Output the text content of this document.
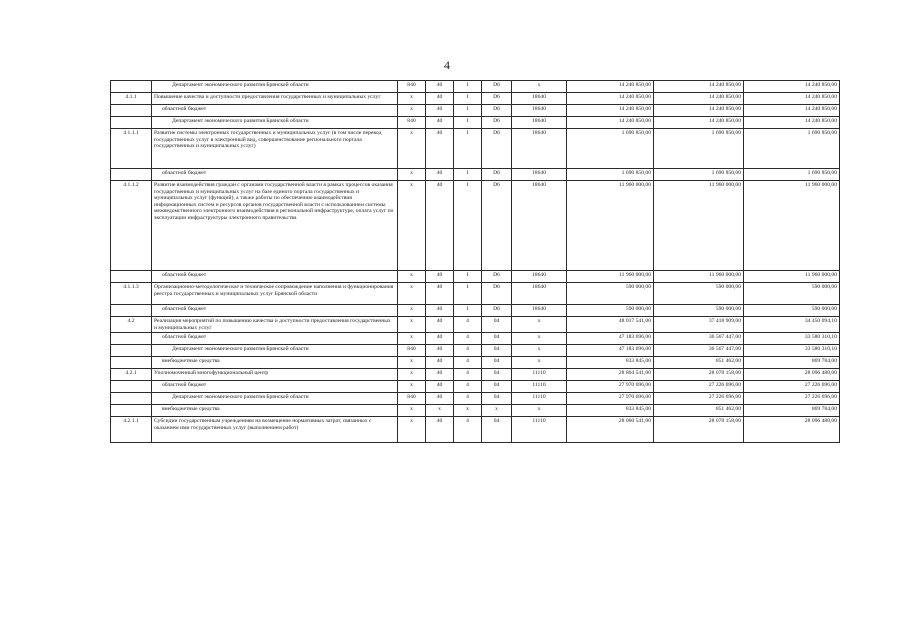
4
	Департамент экономического развития Брянской области	840	40	I	D6	х	14 240 850,00	14 240 850,00	14 240 850,00
4.1.1	Повышение качества и доступности предоставления государственных и муниципальных услуг	х	40	I	D6	18640	14 240 850,00	14 240 850,00	14 240 850,00
	областной бюджет	х	40	I	D6	18640	14 240 850,00	14 240 850,00	14 240 850,00
	Департамент экономического развития Брянской области	840	40	I	D6	18640	14 240 850,00	14 240 850,00	14 240 850,00
4.1.1.1	Развитие системы электронных государственных и муниципальных услуг (в том числе перевод государственных услуг в электронный вид, совершенствование регионального портала государственных и муниципальных услуг)	х	40	I	D6	18640	1 690 850,00	1 690 850,00	1 690 850,00
	областной бюджет	х	40	I	D6	18640	1 690 850,00	1 690 850,00	1 690 850,00
4.1.1.2	Развитие взаимодействия граждан с органами государственной власти в рамках процессов оказания государственных и муниципальных услуг на базе единого портала государственных и муниципальных услуг (функций), а также работы по обеспечению взаимодействия информационных систем и ресурсов органов государственной власти с использованием системы межведомственного электронного взаимодействия в региональной инфраструктуре, оплата услуг по эксплуатации инфраструктуры электронного правительства	х	40	I	D6	18640	11 960 000,00	11 960 000,00	11 960 000,00
	областной бюджет	х	40	I	D6	18640	11 960 000,00	11 960 000,00	11 960 000,00
4.1.1.3	Организационно-методологическое и техническое сопровождение наполнения и функционирования реестра государственных и муниципальных услуг Брянской области	х	40	I	D6	18640	590 000,00	590 000,00	590 000,00
	областной бюджет	х	40	I	D6	18640	590 000,00	590 000,00	590 000,00
4.2	Реализация мероприятий по повышению качества и доступности предоставления государственных и муниципальных услуг	х	40	4	04	х	48 017 541,00	37 418 909,00	34 450 094,10
	областной бюджет	х	40	4	04	х	47 183 696,00	36 567 447,00	33 580 310,10
	Департамент экономического развития Брянской области	840	40	4	04	х	47 183 696,00	36 567 447,00	33 580 310,10
	внебюджетные средства	х	40	4	04	х	833 845,00	851 462,00	869 784,00
4.2.1	Уполномоченный многофункциональный центр	х	40	4	04	11110	28 804 541,00	28 078 158,00	28 096 480,00
	областной бюджет	х	40	4	04	11110	27 970 696,00	27 226 696,00	27 226 696,00
	Департамент экономического развития Брянской области	840	40	4	04	11110	27 970 696,00	27 226 696,00	27 226 696,00
	внебюджетные средства	х	х	х	х	х	833 845,00	851 462,00	869 784,00
4.2.1.1	Субсидии государственным учреждениям на возмещение нормативных затрат, связанных с оказанием ими государственных услуг (выполнением работ)	х	40	4	04	11110	28 060 541,00	28 078 158,00	28 096 480,00
